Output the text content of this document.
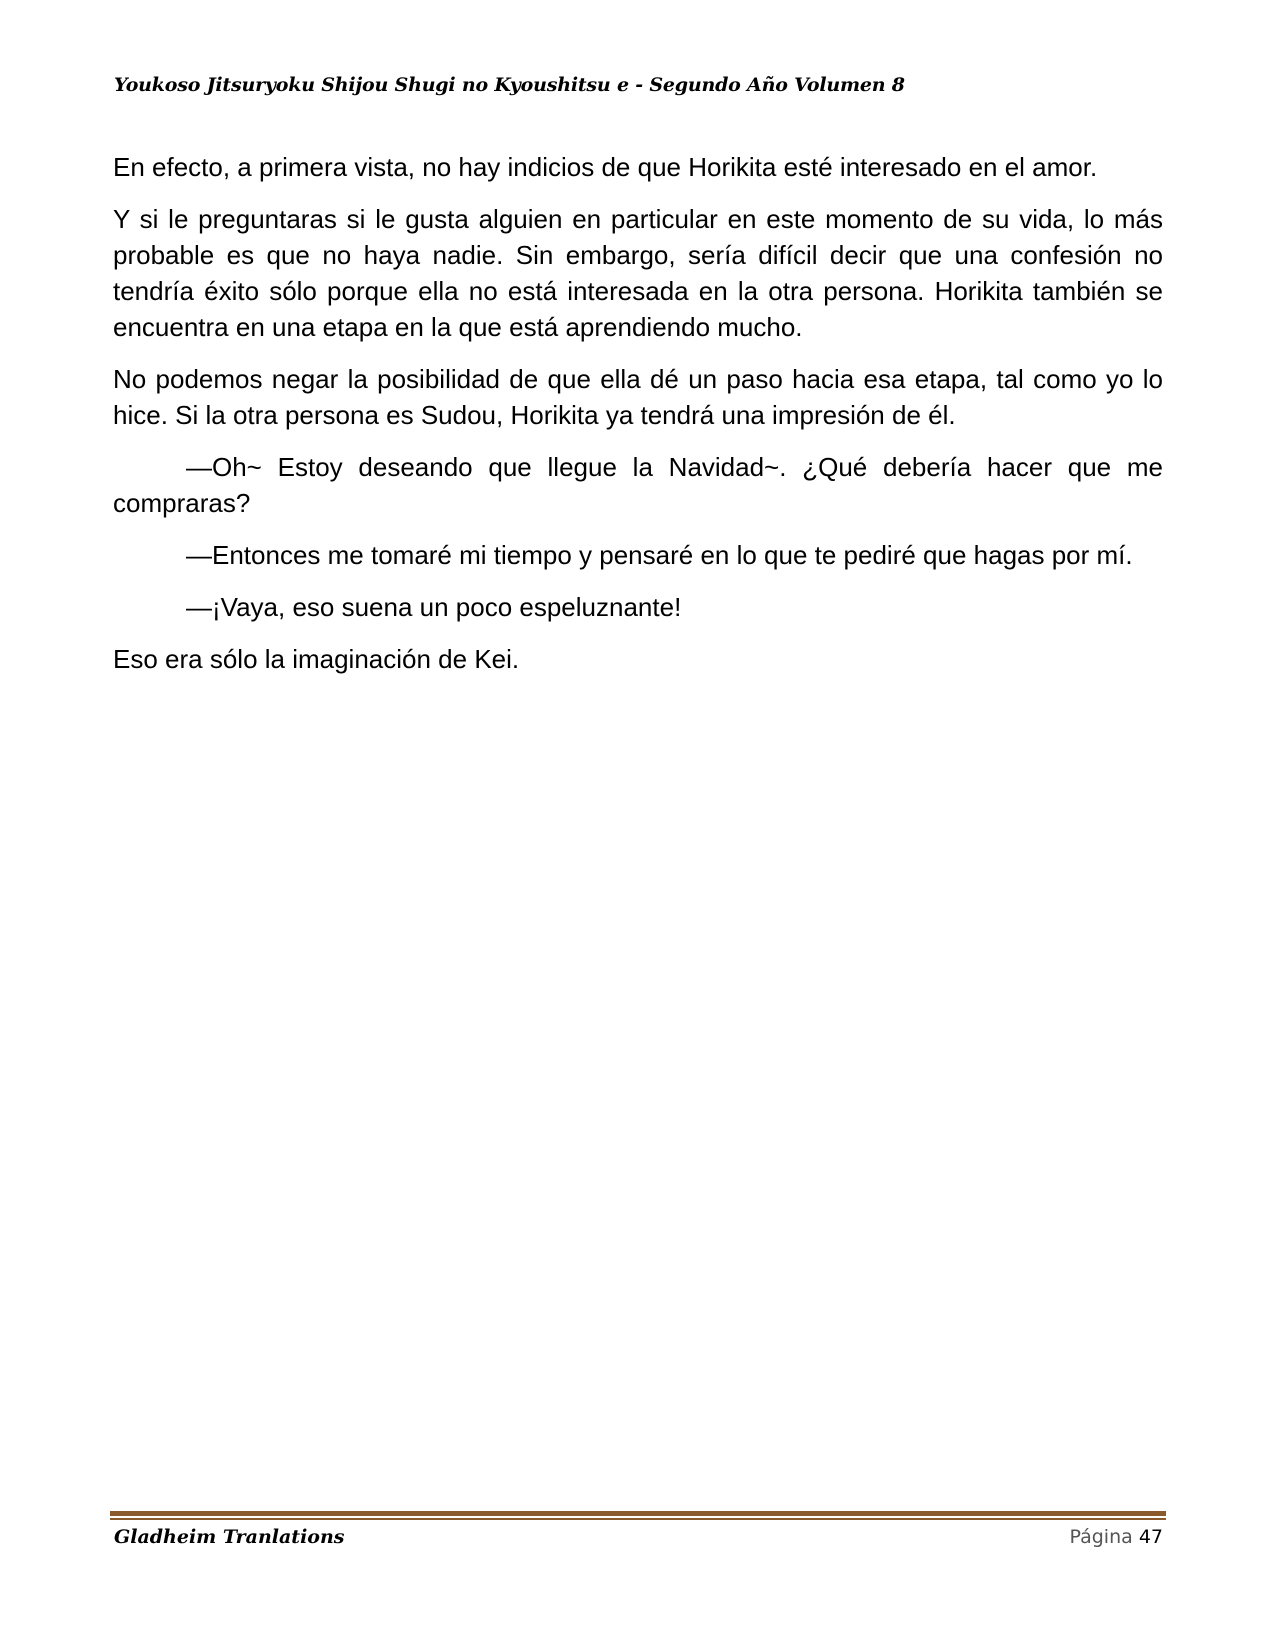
Youkoso Jitsuryoku Shijou Shugi no Kyoushitsu e - Segundo Año Volumen 8

En efecto, a primera vista, no hay indicios de que Horikita esté interesado en el amor.

Y si le preguntaras si le gusta alguien en particular en este momento de su vida, lo más probable es que no haya nadie. Sin embargo, sería difícil decir que una confesión no tendría éxito sólo porque ella no está interesada en la otra persona. Horikita también se encuentra en una etapa en la que está aprendiendo mucho.

No podemos negar la posibilidad de que ella dé un paso hacia esa etapa, tal como yo lo hice. Si la otra persona es Sudou, Horikita ya tendrá una impresión de él.

—Oh~ Estoy deseando que llegue la Navidad~. ¿Qué debería hacer que me compraras?

—Entonces me tomaré mi tiempo y pensaré en lo que te pediré que hagas por mí.

—¡Vaya, eso suena un poco espeluznante!

Eso era sólo la imaginación de Kei.

Gladheim Tranlations	Página 47
